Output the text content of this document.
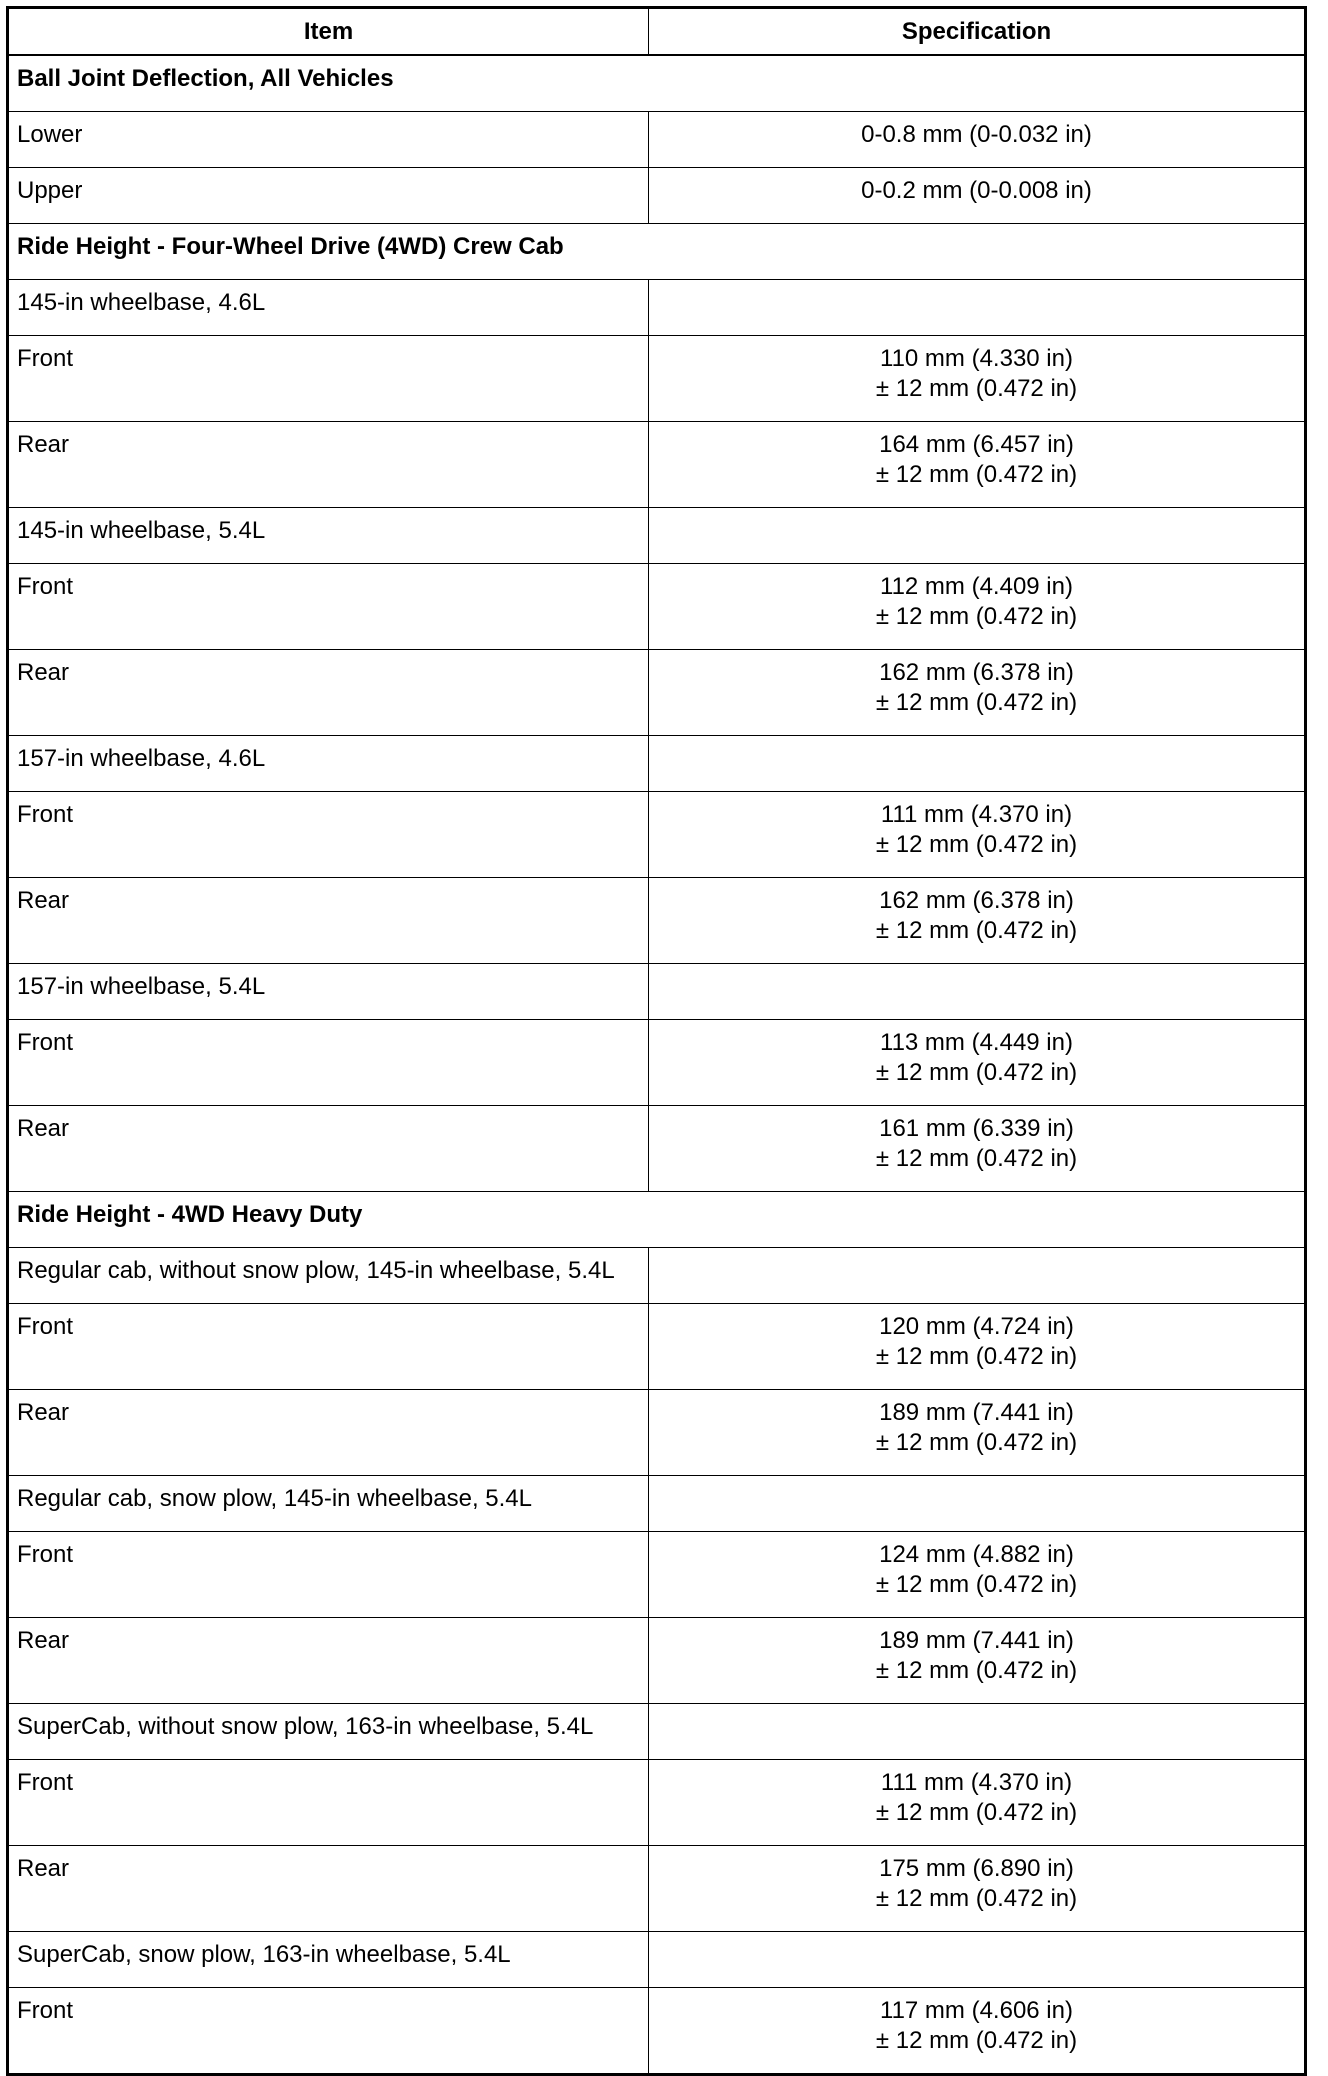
Item	Specification
Ball Joint Deflection, All Vehicles	
Lower	0-0.8 mm (0-0.032 in)

Upper	0-0.2 mm (0-0.008 in)

Ride Height - Four-Wheel Drive (4WD) Crew Cab	
145-in wheelbase, 4.6L	
Front	110 mm (4.330 in)
± 12 mm (0.472 in)

Rear	164 mm (6.457 in)
± 12 mm (0.472 in)

145-in wheelbase, 5.4L	
Front	112 mm (4.409 in)
± 12 mm (0.472 in)

Rear	162 mm (6.378 in)
± 12 mm (0.472 in)

157-in wheelbase, 4.6L	
Front	111 mm (4.370 in)
± 12 mm (0.472 in)

Rear	162 mm (6.378 in)
± 12 mm (0.472 in)

157-in wheelbase, 5.4L	
Front	113 mm (4.449 in)
± 12 mm (0.472 in)

Rear	161 mm (6.339 in)
± 12 mm (0.472 in)

Ride Height - 4WD Heavy Duty	
Regular cab, without snow plow, 145-in wheelbase, 5.4L	
Front	120 mm (4.724 in)
± 12 mm (0.472 in)

Rear	189 mm (7.441 in)
± 12 mm (0.472 in)

Regular cab, snow plow, 145-in wheelbase, 5.4L	
Front	124 mm (4.882 in)
± 12 mm (0.472 in)

Rear	189 mm (7.441 in)
± 12 mm (0.472 in)

SuperCab, without snow plow, 163-in wheelbase, 5.4L	
Front	111 mm (4.370 in)
± 12 mm (0.472 in)

Rear	175 mm (6.890 in)
± 12 mm (0.472 in)

SuperCab, snow plow, 163-in wheelbase, 5.4L	
Front	117 mm (4.606 in)
± 12 mm (0.472 in)
